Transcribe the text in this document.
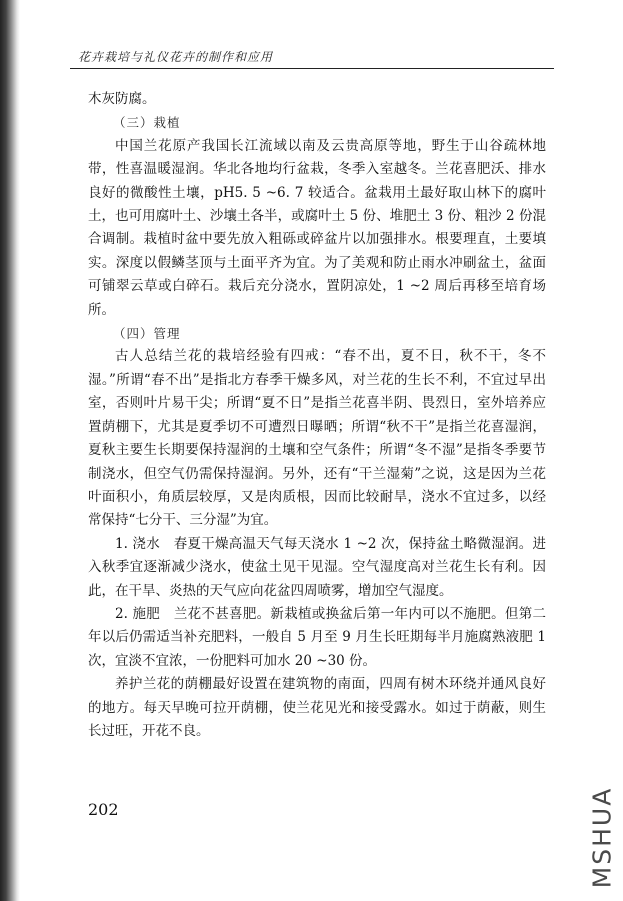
花卉栽培与礼仪花卉的制作和应用

木灰防腐。

（三）栽植

中国兰花原产我国长江流域以南及云贵高原等地，野生于山谷疏林地带，性喜温暖湿润。华北各地均行盆栽，冬季入室越冬。兰花喜肥沃、排水良好的微酸性土壤，pH5. 5 ~6. 7 较适合。盆栽用土最好取山林下的腐叶土，也可用腐叶土、沙壤土各半，或腐叶土 5 份、堆肥土 3 份、粗沙 2 份混合调制。栽植时盆中要先放入粗砾或碎盆片以加强排水。根要理直，土要填实。深度以假鳞茎顶与土面平齐为宜。为了美观和防止雨水冲刷盆土，盆面可铺翠云草或白碎石。栽后充分浇水，置阴凉处，1 ~2 周后再移至培育场所。

（四）管理

古人总结兰花的栽培经验有四戒：“春不出，夏不日，秋不干，冬不湿。”所谓“春不出”是指北方春季干燥多风，对兰花的生长不利，不宜过早出室，否则叶片易干尖；所谓“夏不日”是指兰花喜半阴、畏烈日，室外培养应置荫棚下，尤其是夏季切不可遭烈日曝晒；所谓“秋不干”是指兰花喜湿润，夏秋主要生长期要保持湿润的土壤和空气条件；所谓“冬不湿”是指冬季要节制浇水，但空气仍需保持湿润。另外，还有“干兰湿菊”之说，这是因为兰花叶面积小，角质层较厚，又是肉质根，因而比较耐旱，浇水不宜过多，以经常保持“七分干、三分湿”为宜。

1. 浇水　春夏干燥高温天气每天浇水 1 ~2 次，保持盆土略微湿润。进入秋季宜逐渐减少浇水，使盆土见干见湿。空气湿度高对兰花生长有利。因此，在干旱、炎热的天气应向花盆四周喷雾，增加空气湿度。

2. 施肥　兰花不甚喜肥。新栽植或换盆后第一年内可以不施肥。但第二年以后仍需适当补充肥料，一般自 5 月至 9 月生长旺期每半月施腐熟液肥 1 次，宜淡不宜浓，一份肥料可加水 20 ~30 份。

养护兰花的荫棚最好设置在建筑物的南面，四周有树木环绕并通风良好的地方。每天早晚可拉开荫棚，使兰花见光和接受露水。如过于荫蔽，则生长过旺，开花不良。

202	MSHUA
